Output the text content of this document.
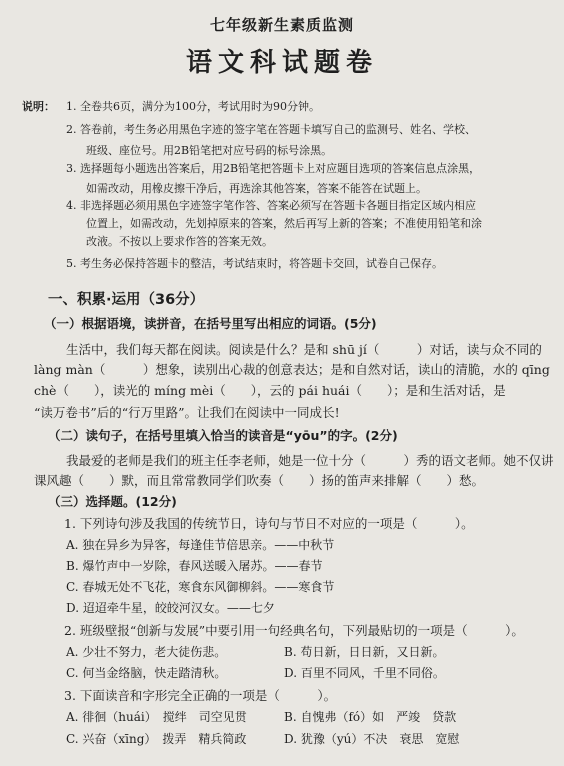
七年级新生素质监测
语文科试题卷
说明： 1. 全卷共6页，满分为100分，考试用时为90分钟。
2. 答卷前，考生务必用黑色字迹的签字笔在答题卡填写自己的监测号、姓名、学校、
班级、座位号。用2B铅笔把对应号码的标号涂黑。
3. 选择题每小题选出答案后，用2B铅笔把答题卡上对应题目选项的答案信息点涂黑，
如需改动，用橡皮擦干净后，再选涂其他答案，答案不能答在试题上。
4. 非选择题必须用黑色字迹签字笔作答、答案必须写在答题卡各题目指定区域内相应
位置上，如需改动，先划掉原来的答案，然后再写上新的答案；不准使用铅笔和涂
改液。不按以上要求作答的答案无效。
5. 考生务必保持答题卡的整洁，考试结束时，将答题卡交回，试卷自己保存。
一、积累·运用（36分）
（一）根据语境，读拼音，在括号里写出相应的词语。(5分)
生活中，我们每天都在阅读。阅读是什么？是和 shū jí（　　　）对话，读与众不同的
làng màn（　　　）想象，读别出心裁的创意表达；是和自然对话，读山的清脆，水的 qīng
chè（　　），读光的 míng mèi（　　），云的 pái huái（　　）；是和生活对话，是
“读万卷书”后的“行万里路”。让我们在阅读中一同成长!
（二）读句子，在括号里填入恰当的读音是“yōu”的字。(2分)
我最爱的老师是我们的班主任李老师，她是一位十分（　　　）秀的语文老师。她不仅讲
课风趣（　　）默，而且常常教同学们吹奏（　　）扬的笛声来排解（　　）愁。
（三）选择题。(12分)
1. 下列诗句涉及我国的传统节日，诗句与节日不对应的一项是（　　　）。
A. 独在异乡为异客，每逢佳节倍思亲。——中秋节
B. 爆竹声中一岁除，春风送暖入屠苏。——春节
C. 春城无处不飞花，寒食东风御柳斜。——寒食节
D. 迢迢牵牛星，皎皎河汉女。——七夕
2. 班级壁报“创新与发展”中要引用一句经典名句，下列最贴切的一项是（　　　）。
A. 少壮不努力，老大徒伤悲。	B. 苟日新，日日新，又日新。
C. 何当金络脑，快走踏清秋。	D. 百里不同风，千里不同俗。
3. 下面读音和字形完全正确的一项是（　　　）。
A. 徘徊（huái）　搅绊　司空见贯	B. 自愧弗（fó）如　严竣　贷款
C. 兴奋（xīng）　拨弄　精兵简政	D. 犹豫（yú）不决　衰思　宽慰
